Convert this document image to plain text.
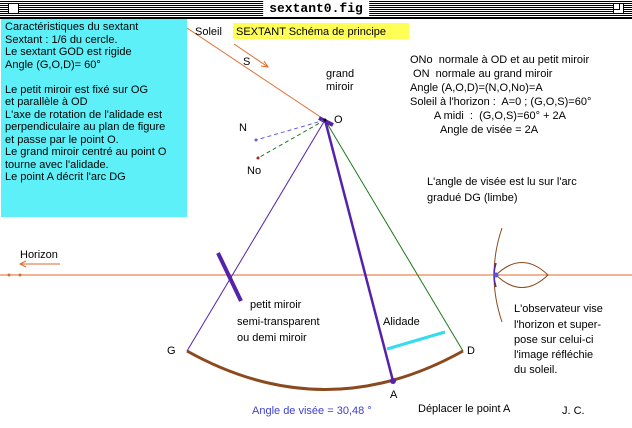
sextant0.fig
Soleil SEXTANT Schéma de principe
S
O
N
No
G	D
A
grand
miroir
petit miroir
semi-transparent
ou demi miroir
Alidade
Horizon
L'angle de visée est lu sur l'arc
gradué DG (limbe)
L'observateur vise
l'horizon et super-
pose sur celui-ci
l'image réfléchie
du soleil.
Angle de visée = 30,48 °	Déplacer le point A	J. C.
Caractéristiques du sextant
Sextant : 1/6 du cercle.
Le sextant GOD est rigide
Angle (G,O,D)= 60°

Le petit miroir est fixé sur OG
et parallèle à OD
L'axe de rotation de l'alidade est
perpendiculaire au plan de figure
et passe par le point O.
Le grand miroir centré au point O
tourne avec l'alidade.
Le point A décrit l'arc DG
ONo  normale à OD et au petit miroir
ON  normale au grand miroir
Angle (A,O,D)=(N,O,No)=A
Soleil à l'horizon :  A=0 ; (G,O,S)=60°
A midi  :  (G,O,S)=60° + 2A
Angle de visée = 2A
